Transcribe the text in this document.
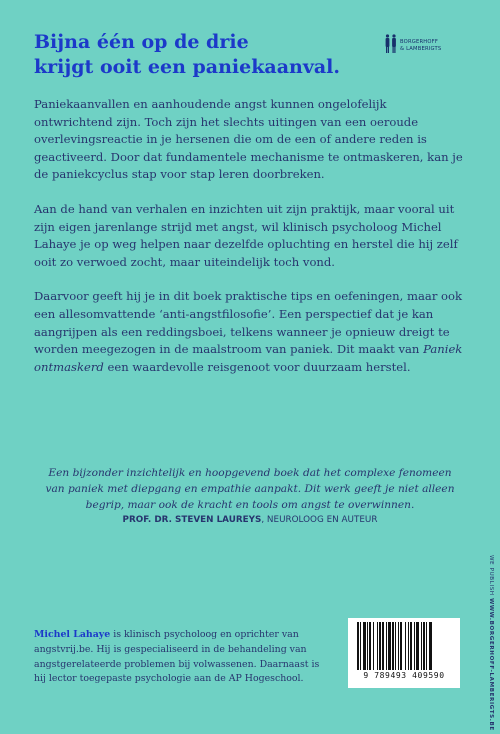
Bijna één op de drie
krijgt ooit een paniekaanval.
BORGERHOFF
& LAMBERIGTS

Paniekaanvallen en aanhoudende angst kunnen ongelofelijk ontwrichtend zijn. Toch zijn het slechts uitingen van een oeroude overlevingsreactie in je hersenen die om de een of andere reden is geactiveerd. Door dat fundamentele mechanisme te ontmaskeren, kan je de paniekcyclus stap voor stap leren doorbreken.

Aan de hand van verhalen en inzichten uit zijn praktijk, maar vooral uit zijn eigen jarenlange strijd met angst, wil klinisch psycholoog Michel Lahaye je op weg helpen naar dezelfde opluchting en herstel die hij zelf ooit zo verwoed zocht, maar uiteindelijk toch vond.

Daarvoor geeft hij je in dit boek praktische tips en oefeningen, maar ook een allesomvattende ‘anti-angstfilosofie’. Een perspectief dat je kan aangrijpen als een reddingsboei, telkens wanneer je opnieuw dreigt te worden meegezogen in de maalstroom van paniek. Dit maakt van Paniek ontmaskerd een waardevolle reisgenoot voor duurzaam herstel.

Een bijzonder inzichtelijk en hoopgevend boek dat het complexe fenomeen van paniek met diepgang en empathie aanpakt. Dit werk geeft je niet alleen begrip, maar ook de kracht en tools om angst te overwinnen.

PROF. DR. STEVEN LAUREYS, NEUROLOOG EN AUTEUR

Michel Lahaye is klinisch psycholoog en oprichter van angstvrij.be. Hij is gespecialiseerd in de behandeling van angstgerelateerde problemen bij volwassenen. Daarnaast is hij lector toegepaste psychologie aan de AP Hogeschool.	9 789493 409590
WE PUBLISH WWW.BORGERHOFF-LAMBERIGTS.BE
